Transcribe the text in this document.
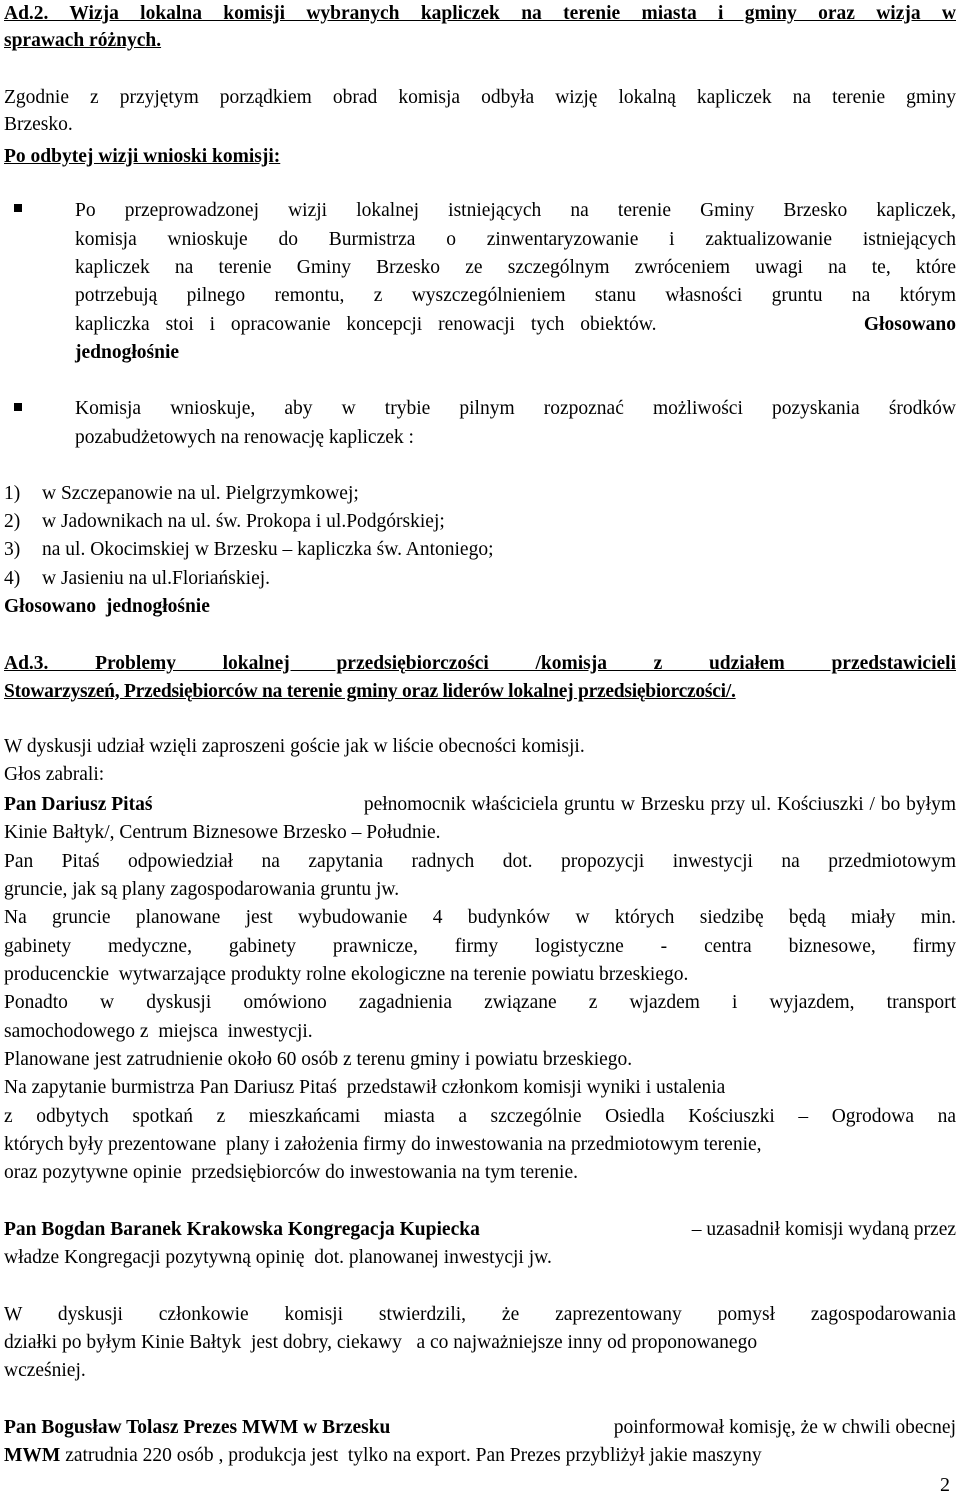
Ad.2. Wizja lokalna komisji wybranych kapliczek na terenie miasta i gminy oraz wizja w
sprawach różnych.
Zgodnie z przyjętym porządkiem obrad komisja odbyła wizję lokalną kapliczek na terenie gminy
Brzesko.
Po odbytej wizji wnioski komisji:
Po przeprowadzonej wizji lokalnej istniejących na terenie Gminy Brzesko kapliczek,
komisja wnioskuje do Burmistrza o zinwentaryzowanie i zaktualizowanie istniejących
kapliczek na terenie Gminy Brzesko ze szczególnym zwróceniem uwagi na te, które
potrzebują pilnego remontu, z wyszczególnieniem stanu własności gruntu na którym
kapliczka stoi i opracowanie koncepcji renowacji tych obiektów.	Głosowano
jednogłośnie
Komisja wnioskuje, aby w trybie pilnym rozpoznać możliwości pozyskania środków
pozabudżetowych na renowację kapliczek :
1) w Szczepanowie na ul. Pielgrzymkowej;
2) w Jadownikach na ul. św. Prokopa i ul.Podgórskiej;
3) na ul. Okocimskiej w Brzesku – kapliczka św. Antoniego;
4) w Jasieniu na ul.Floriańskiej.
Głosowano  jednogłośnie
Ad.3. Problemy lokalnej przedsiębiorczości /komisja z udziałem przedstawicieli
Stowarzyszeń, Przedsiębiorców na terenie gminy oraz liderów lokalnej przedsiębiorczości/.
W dyskusji udział wzięli zaproszeni goście jak w liście obecności komisji.
Głos zabrali:
Pan Dariusz Pitaś	pełnomocnik właściciela gruntu w Brzesku przy ul. Kościuszki / bo byłym
Kinie Bałtyk/, Centrum Biznesowe Brzesko – Południe.
Pan Pitaś odpowiedział na zapytania radnych dot. propozycji inwestycji na przedmiotowym
gruncie, jak są plany zagospodarowania gruntu jw.
Na gruncie planowane jest wybudowanie 4 budynków w których siedzibę będą miały min.
gabinety medyczne, gabinety prawnicze, firmy logistyczne - centra biznesowe, firmy
producenckie  wytwarzające produkty rolne ekologiczne na terenie powiatu brzeskiego.
Ponadto w dyskusji omówiono zagadnienia związane z wjazdem i wyjazdem, transport
samochodowego z  miejsca  inwestycji.
Planowane jest zatrudnienie około 60 osób z terenu gminy i powiatu brzeskiego.
Na zapytanie burmistrza Pan Dariusz Pitaś  przedstawił członkom komisji wyniki i ustalenia
z odbytych spotkań z mieszkańcami miasta a szczególnie Osiedla Kościuszki – Ogrodowa na
których były prezentowane  plany i założenia firmy do inwestowania na przedmiotowym terenie,
oraz pozytywne opinie  przedsiębiorców do inwestowania na tym terenie.
Pan Bogdan Baranek Krakowska Kongregacja Kupiecka	– uzasadnił komisji wydaną przez
władze Kongregacji pozytywną opinię  dot. planowanej inwestycji jw.
W dyskusji członkowie komisji stwierdzili, że zaprezentowany pomysł zagospodarowania
działki po byłym Kinie Bałtyk  jest dobry, ciekawy   a co najważniejsze inny od proponowanego
wcześniej.
Pan Bogusław Tolasz Prezes MWM w Brzesku	poinformował komisję, że w chwili obecnej
MWM zatrudnia 220 osób , produkcja jest  tylko na export. Pan Prezes przybliżył jakie maszyny
2
